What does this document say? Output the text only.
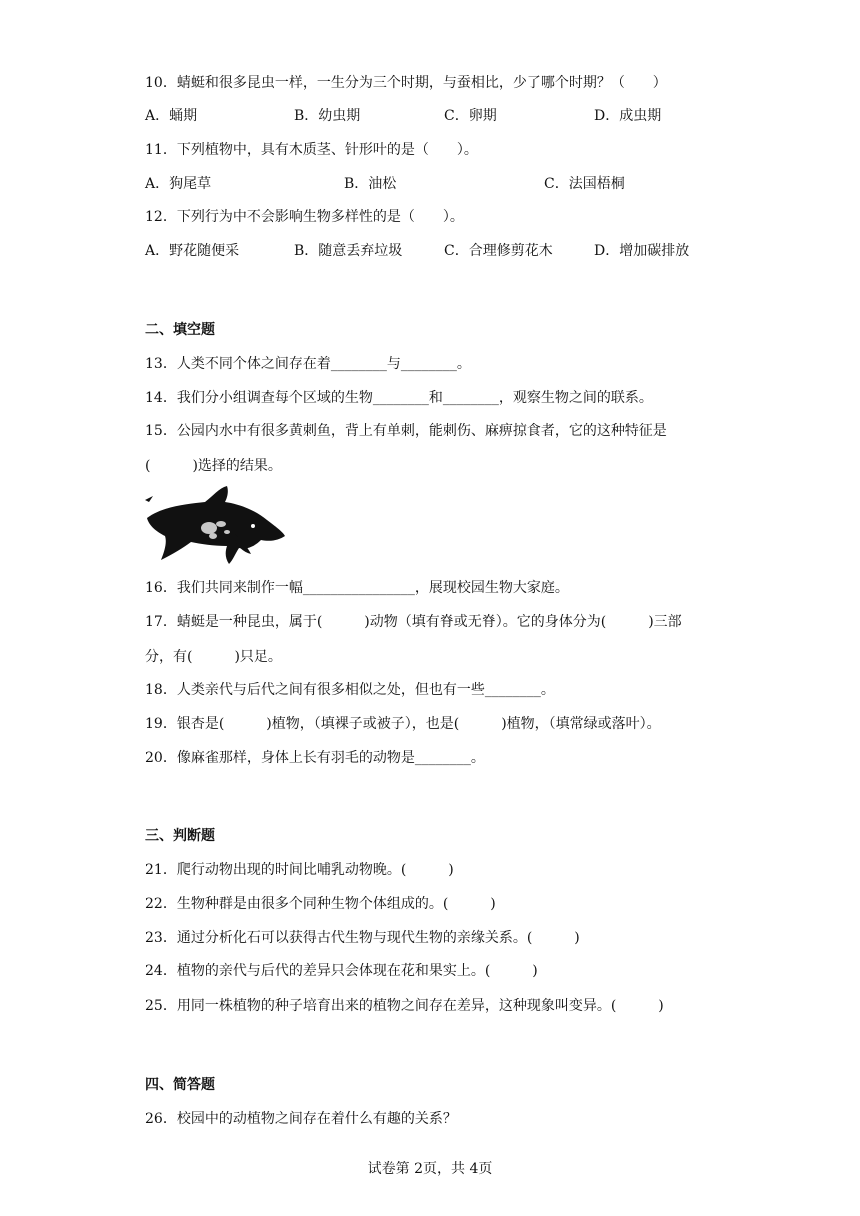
10．蜻蜓和很多昆虫一样，一生分为三个时期，与蚕相比，少了哪个时期？（　　）
A．蛹期	B．幼虫期	C．卵期	D．成虫期
11．下列植物中，具有木质茎、针形叶的是（　　）。
A．狗尾草	B．油松	C．法国梧桐
12．下列行为中不会影响生物多样性的是（　　）。
A．野花随便采	B．随意丢弃垃圾	C．合理修剪花木	D．增加碳排放
二、填空题
13．人类不同个体之间存在着________与________。
14．我们分小组调查每个区域的生物________和________，观察生物之间的联系。
15．公园内水中有很多黄刺鱼，背上有单刺，能刺伤、麻痹掠食者，它的这种特征是
(　　　)选择的结果。
16．我们共同来制作一幅________________，展现校园生物大家庭。
17．蜻蜓是一种昆虫，属于(　　　)动物（填有脊或无脊）。它的身体分为(　　　)三部
分，有(　　　)只足。
18．人类亲代与后代之间有很多相似之处，但也有一些________。
19．银杏是(　　　)植物，（填裸子或被子），也是(　　　)植物，（填常绿或落叶）。
20．像麻雀那样，身体上长有羽毛的动物是________。
三、判断题
21．爬行动物出现的时间比哺乳动物晚。(　　　)
22．生物种群是由很多个同种生物个体组成的。(　　　)
23．通过分析化石可以获得古代生物与现代生物的亲缘关系。(　　　)
24．植物的亲代与后代的差异只会体现在花和果实上。(　　　)
25．用同一株植物的种子培育出来的植物之间存在差异，这种现象叫变异。(　　　)
四、简答题
26．校园中的动植物之间存在着什么有趣的关系？
试卷第 2页，共 4页
